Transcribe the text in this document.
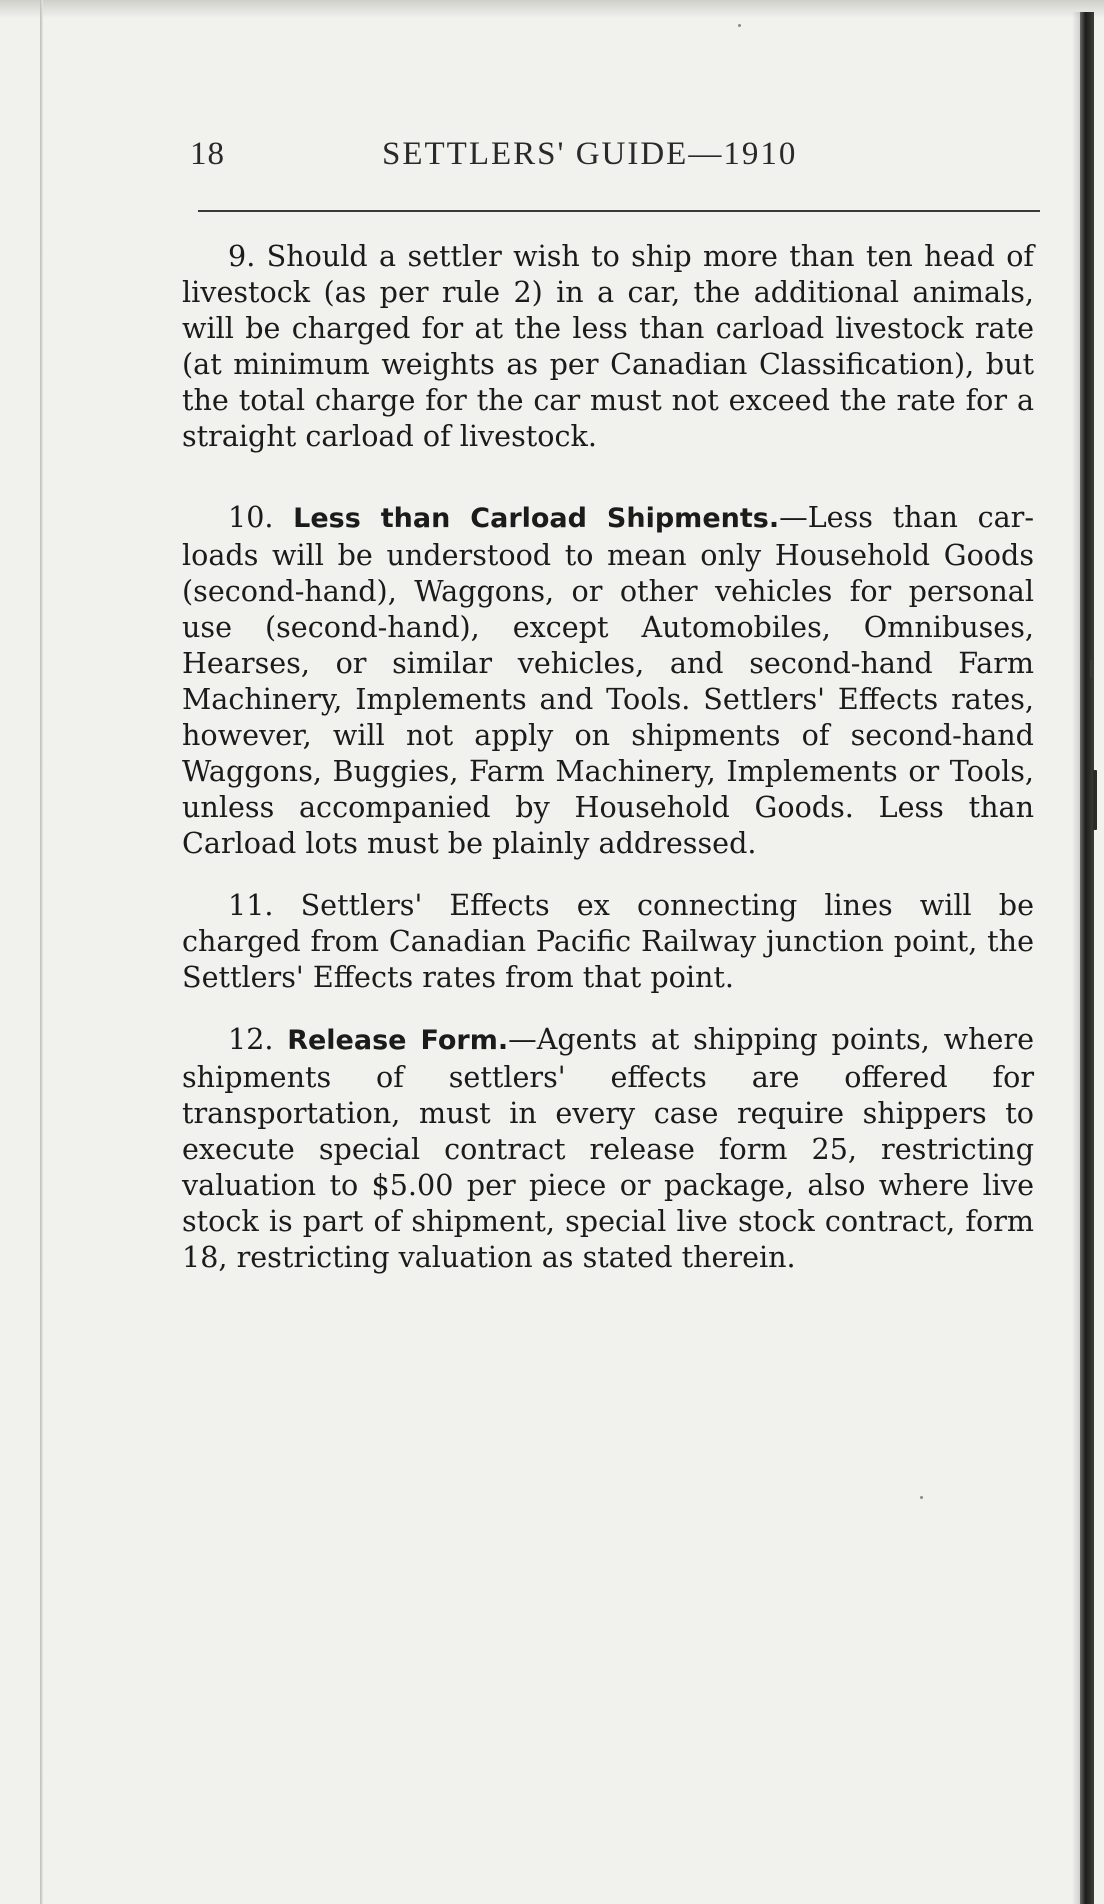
18	SETTLERS' GUIDE—1910

9. Should a settler wish to ship more than ten head of livestock (as per rule 2) in a car, the additional animals, will be charged for at the less than carload livestock rate (at minimum weights as per Canadian Classification), but the total charge for the car must not exceed the rate for a straight carload of livestock.

10. Less than Carload Shipments.—Less than carloads will be understood to mean only Household Goods (second-hand), Waggons, or other vehicles for personal use (second-hand), except Automobiles, Omnibuses, Hearses, or similar vehicles, and second-hand Farm Machinery, Implements and Tools. Settlers' Effects rates, however, will not apply on shipments of second-hand Waggons, Buggies, Farm Machinery, Implements or Tools, unless accompanied by Household Goods. Less than Carload lots must be plainly addressed.

11. Settlers' Effects ex connecting lines will be charged from Canadian Pacific Railway junction point, the Settlers' Effects rates from that point.

12. Release Form.—Agents at shipping points, where shipments of settlers' effects are offered for transportation, must in every case require shippers to execute special contract release form 25, restricting valuation to $5.00 per piece or package, also where live stock is part of shipment, special live stock contract, form 18, restricting valuation as stated therein.
